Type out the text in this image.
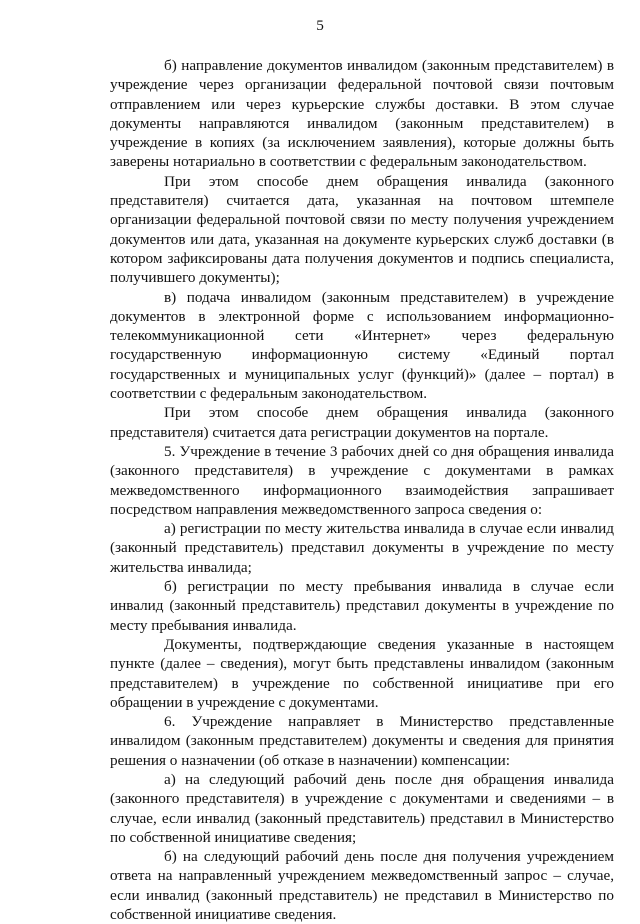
5

б) направление документов инвалидом (законным представителем) в учреждение через организации федеральной почтовой связи почтовым отправлением или через курьерские службы доставки. В этом случае документы направляются инвалидом (законным представителем) в учреждение в копиях (за исключением заявления), которые должны быть заверены нотариально в соответствии с федеральным законодательством.

При этом способе днем обращения инвалида (законного представителя) считается дата, указанная на почтовом штемпеле организации федеральной почтовой связи по месту получения учреждением документов или дата, указанная на документе курьерских служб доставки (в котором зафиксированы дата получения документов и подпись специалиста, получившего документы);

в) подача инвалидом (законным представителем) в учреждение документов в электронной форме с использованием информационно-телекоммуникационной сети «Интернет» через федеральную государственную информационную систему «Единый портал государственных и муниципальных услуг (функций)» (далее – портал) в соответствии с федеральным законодательством.

При этом способе днем обращения инвалида (законного представителя) считается дата регистрации документов на портале.

5. Учреждение в течение 3 рабочих дней со дня обращения инвалида (законного представителя) в учреждение с документами в рамках межведомственного информационного взаимодействия запрашивает посредством направления межведомственного запроса сведения о:

а) регистрации по месту жительства инвалида в случае если инвалид (законный представитель) представил документы в учреждение по месту жительства инвалида;

б) регистрации по месту пребывания инвалида в случае если инвалид (законный представитель) представил документы в учреждение по месту пребывания инвалида.

Документы, подтверждающие сведения указанные в настоящем пункте (далее – сведения), могут быть представлены инвалидом (законным представителем) в учреждение по собственной инициативе при его обращении в учреждение с документами.

6. Учреждение направляет в Министерство представленные инвалидом (законным представителем) документы и сведения для принятия решения о назначении (об отказе в назначении) компенсации:

а) на следующий рабочий день после дня обращения инвалида (законного представителя) в учреждение с документами и сведениями – в случае, если инвалид (законный представитель) представил в Министерство по собственной инициативе сведения;

б) на следующий рабочий день после дня получения учреждением ответа на направленный учреждением межведомственный запрос – случае, если инвалид (законный представитель) не представил в Министерство по собственной инициативе сведения.
